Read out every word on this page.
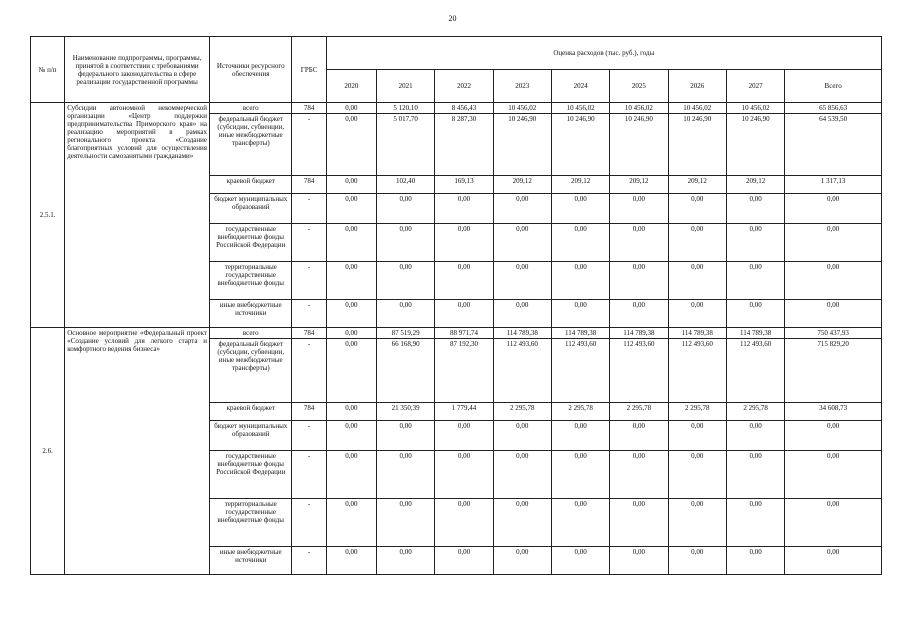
20
№ п/п	Наименование подпрограммы, программы, принятой в соответствии с требованиями федерального законодательства в сфере реализации государственной программы	Источники ресурсного обеспечения	ГРБС	Оценка расходов (тыс. руб.), годы								
				2020	2021	2022	2023	2024	2025	2026	2027	Всего
2.5.1.	Субсидии автономной некоммерческой организации «Центр поддержки предпринимательства Приморского края» на реализацию мероприятий в рамках регионального проекта «Создание благоприятных условий для осуществления деятельности самозанятыми гражданами»	всего	784	0,00	5 120,10	8 456,43	10 456,02	10 456,02	10 456,02	10 456,02	10 456,02	65 856,63
		федеральный бюджет (субсидии, субвенции, иные межбюджетные трансферты)	-	0,00	5 017,70	8 287,30	10 246,90	10 246,90	10 246,90	10 246,90	10 246,90	64 539,50
		краевой бюджет	784	0,00	102,40	169,13	209,12	209,12	209,12	209,12	209,12	1 317,13
		бюджет муниципальных образований	-	0,00	0,00	0,00	0,00	0,00	0,00	0,00	0,00	0,00
		государственные внебюджетные фонды Российской Федерации	-	0,00	0,00	0,00	0,00	0,00	0,00	0,00	0,00	0,00
		территориальные государственные внебюджетные фонды	-	0,00	0,00	0,00	0,00	0,00	0,00	0,00	0,00	0,00
		иные внебюджетные источники	-	0,00	0,00	0,00	0,00	0,00	0,00	0,00	0,00	0,00
2.6.	Основное мероприятие «Федеральный проект «Создание условий для легкого старта и комфортного ведения бизнеса»	всего	784	0,00	87 519,29	88 971,74	114 789,38	114 789,38	114 789,38	114 789,38	114 789,38	750 437,93
		федеральный бюджет (субсидии, субвенции, иные межбюджетные трансферты)	-	0,00	66 168,90	87 192,30	112 493,60	112 493,60	112 493,60	112 493,60	112 493,60	715 829,20
		краевой бюджет	784	0,00	21 350,39	1 779,44	2 295,78	2 295,78	2 295,78	2 295,78	2 295,78	34 608,73
		бюджет муниципальных образований	-	0,00	0,00	0,00	0,00	0,00	0,00	0,00	0,00	0,00
		государственные внебюджетные фонды Российской Федерации	-	0,00	0,00	0,00	0,00	0,00	0,00	0,00	0,00	0,00
		территориальные государственные внебюджетные фонды	-	0,00	0,00	0,00	0,00	0,00	0,00	0,00	0,00	0,00
		иные внебюджетные источники	-	0,00	0,00	0,00	0,00	0,00	0,00	0,00	0,00	0,00
